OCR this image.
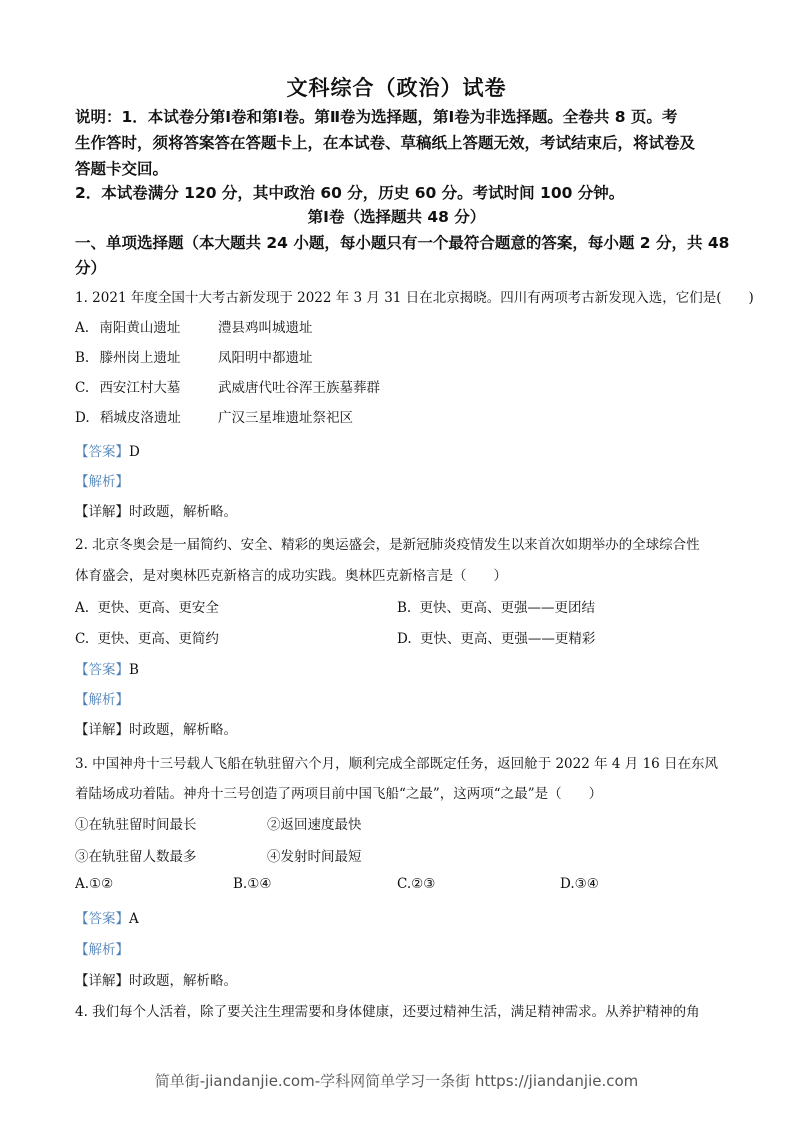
文科综合（政治）试卷
说明：1．本试卷分第Ⅰ卷和第Ⅰ卷。第Ⅱ卷为选择题，第Ⅰ卷为非选择题。全卷共 8 页。考
生作答时，须将答案答在答题卡上，在本试卷、草稿纸上答题无效，考试结束后，将试卷及
答题卡交回。
2．本试卷满分 120 分，其中政治 60 分，历史 60 分。考试时间 100 分钟。
第Ⅰ卷（选择题共 48 分）
一、单项选择题（本大题共 24 小题，每小题只有一个最符合题意的答案，每小题 2 分，共 48
分）
1. 2021 年度全国十大考古新发现于 2022 年 3 月 31 日在北京揭晓。四川有两项考古新发现入选，它们是(　　)
A. 南阳黄山遗址	澧县鸡叫城遗址
B. 滕州岗上遗址	凤阳明中都遗址
C. 西安江村大墓	武威唐代吐谷浑王族墓葬群
D. 稻城皮洛遗址	广汉三星堆遗址祭祀区
【答案】D
【解析】
【详解】时政题，解析略。
2. 北京冬奥会是一届简约、安全、精彩的奥运盛会，是新冠肺炎疫情发生以来首次如期举办的全球综合性
体育盛会，是对奥林匹克新格言的成功实践。奥林匹克新格言是（　　）
A. 更快、更高、更安全	B. 更快、更高、更强——更团结
C. 更快、更高、更简约	D. 更快、更高、更强——更精彩
【答案】B
【解析】
【详解】时政题，解析略。
3. 中国神舟十三号载人飞船在轨驻留六个月，顺利完成全部既定任务，返回舱于 2022 年 4 月 16 日在东风
着陆场成功着陆。神舟十三号创造了两项目前中国飞船“之最”，这两项“之最”是（　　）
①在轨驻留时间最长	②返回速度最快
③在轨驻留人数最多	④发射时间最短
A.①②	B.①④	C.②③	D.③④
【答案】A
【解析】
【详解】时政题，解析略。
4. 我们每个人活着，除了要关注生理需要和身体健康，还要过精神生活，满足精神需求。从养护精神的角
简单街-jiandanjie.com-学科网简单学习一条街 https://jiandanjie.com
